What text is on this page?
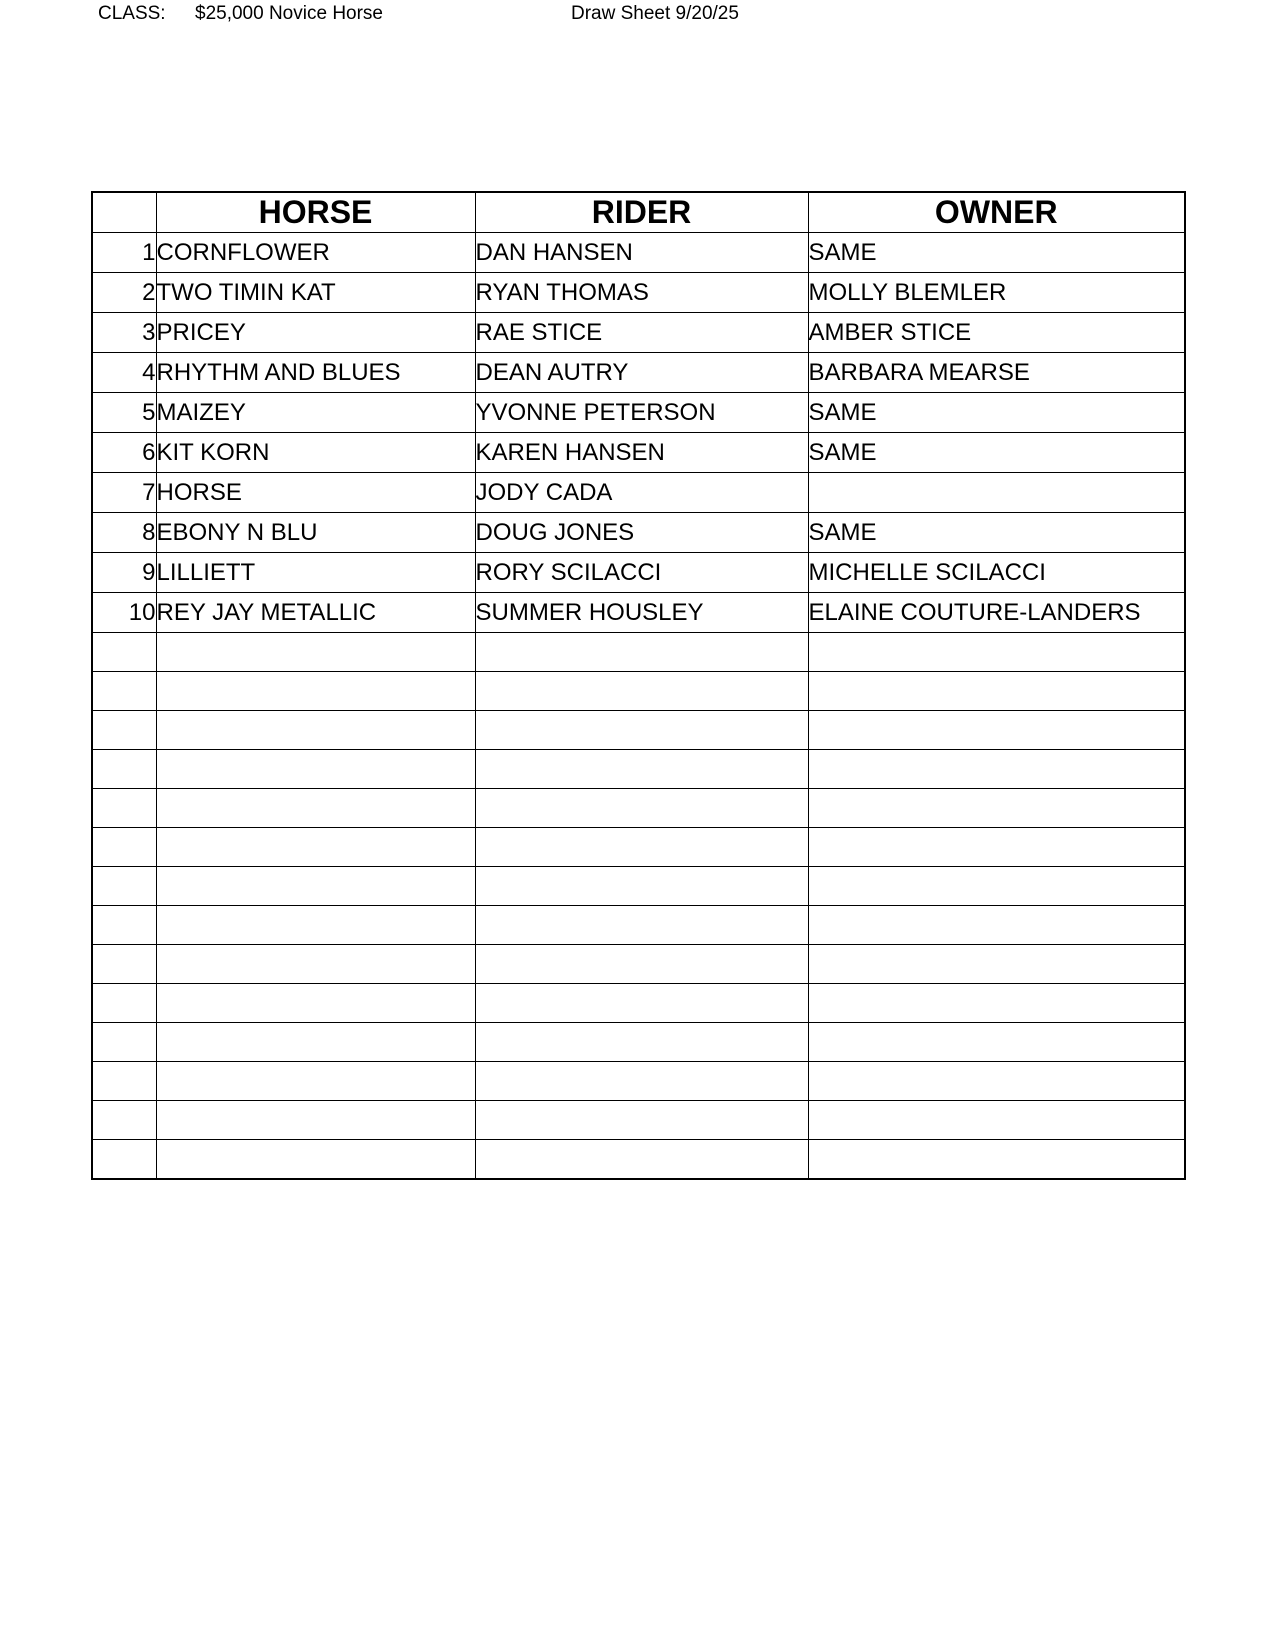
CLASS: $25,000 Novice Horse	Draw Sheet 9/20/25
	HORSE	RIDER	OWNER
1	CORNFLOWER	DAN HANSEN	SAME
2	TWO TIMIN KAT	RYAN THOMAS	MOLLY BLEMLER
3	PRICEY	RAE STICE	AMBER STICE
4	RHYTHM AND BLUES	DEAN AUTRY	BARBARA MEARSE
5	MAIZEY	YVONNE PETERSON	SAME
6	KIT KORN	KAREN HANSEN	SAME
7	HORSE	JODY CADA	
8	EBONY N BLU	DOUG JONES	SAME
9	LILLIETT	RORY SCILACCI	MICHELLE SCILACCI
10	REY JAY METALLIC	SUMMER HOUSLEY	ELAINE COUTURE-LANDERS
